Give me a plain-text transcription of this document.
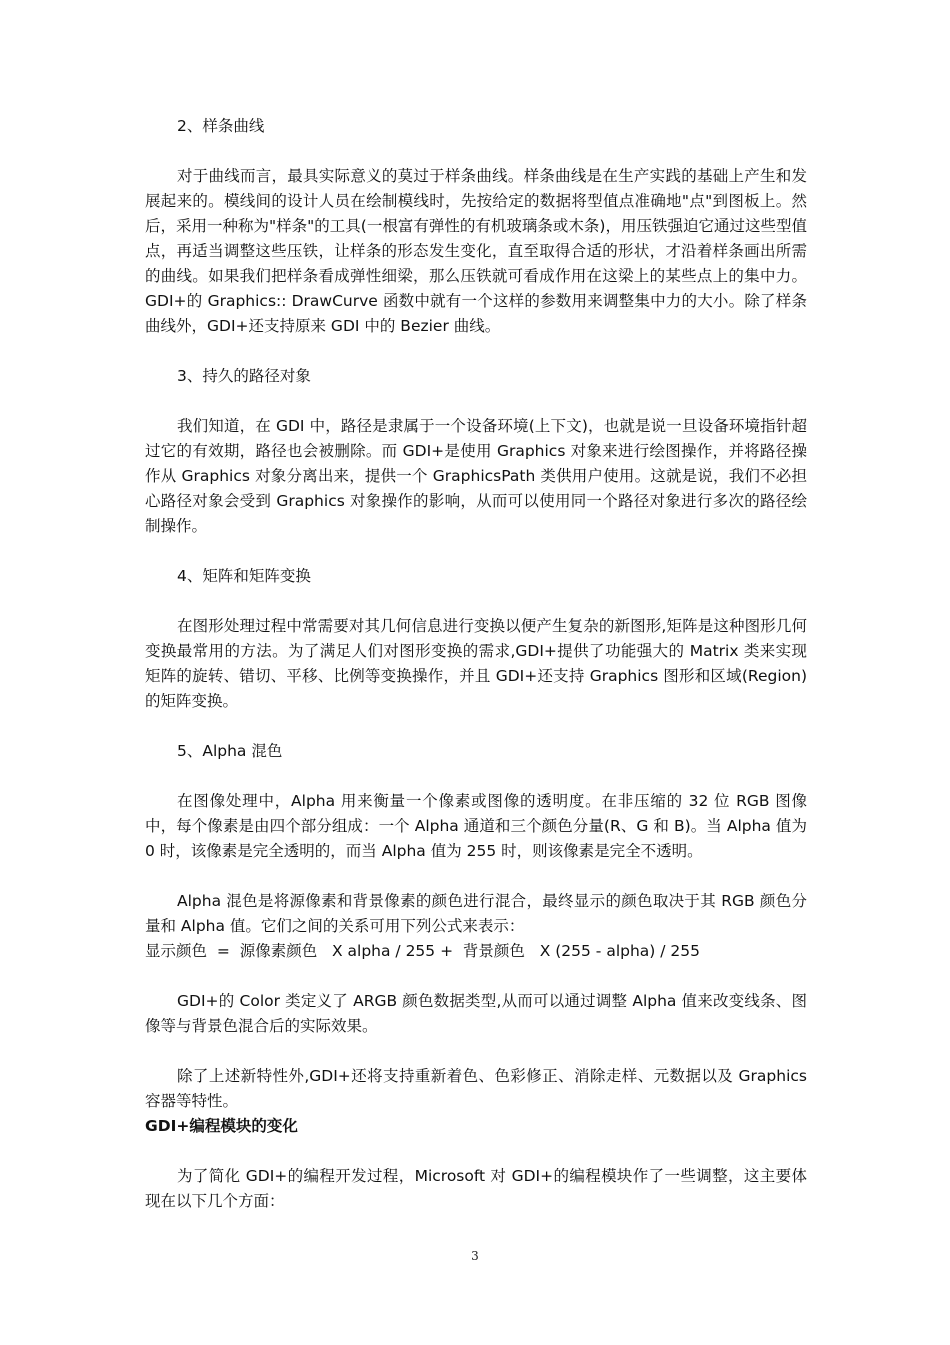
2、样条曲线

对于曲线而言，最具实际意义的莫过于样条曲线。样条曲线是在生产实践的基础上产生和发展起来的。模线间的设计人员在绘制模线时，先按给定的数据将型值点准确地"点"到图板上。然后，采用一种称为"样条"的工具(一根富有弹性的有机玻璃条或木条)，用压铁强迫它通过这些型值点，再适当调整这些压铁，让样条的形态发生变化，直至取得合适的形状，才沿着样条画出所需的曲线。如果我们把样条看成弹性细梁，那么压铁就可看成作用在这梁上的某些点上的集中力。GDI+的 Graphics:: DrawCurve 函数中就有一个这样的参数用来调整集中力的大小。除了样条曲线外，GDI+还支持原来 GDI 中的 Bezier 曲线。

3、持久的路径对象

我们知道，在 GDI 中，路径是隶属于一个设备环境(上下文)，也就是说一旦设备环境指针超过它的有效期，路径也会被删除。而 GDI+是使用 Graphics 对象来进行绘图操作，并将路径操作从 Graphics 对象分离出来，提供一个 GraphicsPath 类供用户使用。这就是说，我们不必担心路径对象会受到 Graphics 对象操作的影响，从而可以使用同一个路径对象进行多次的路径绘制操作。

4、矩阵和矩阵变换

在图形处理过程中常需要对其几何信息进行变换以便产生复杂的新图形,矩阵是这种图形几何变换最常用的方法。为了满足人们对图形变换的需求,GDI+提供了功能强大的 Matrix 类来实现矩阵的旋转、错切、平移、比例等变换操作，并且 GDI+还支持 Graphics 图形和区域(Region)的矩阵变换。

5、Alpha 混色

在图像处理中，Alpha 用来衡量一个像素或图像的透明度。在非压缩的 32 位 RGB 图像中，每个像素是由四个部分组成：一个 Alpha 通道和三个颜色分量(R、G 和 B)。当 Alpha 值为 0 时，该像素是完全透明的，而当 Alpha 值为 255 时，则该像素是完全不透明。

Alpha 混色是将源像素和背景像素的颜色进行混合，最终显示的颜色取决于其 RGB 颜色分量和 Alpha 值。它们之间的关系可用下列公式来表示：

显示颜色  =  源像素颜色   X alpha / 255 +  背景颜色   X (255 - alpha) / 255

GDI+的 Color 类定义了 ARGB 颜色数据类型,从而可以通过调整 Alpha 值来改变线条、图像等与背景色混合后的实际效果。

除了上述新特性外,GDI+还将支持重新着色、色彩修正、消除走样、元数据以及 Graphics 容器等特性。

GDI+编程模块的变化

为了简化 GDI+的编程开发过程，Microsoft 对 GDI+的编程模块作了一些调整，这主要体现在以下几个方面：

3
